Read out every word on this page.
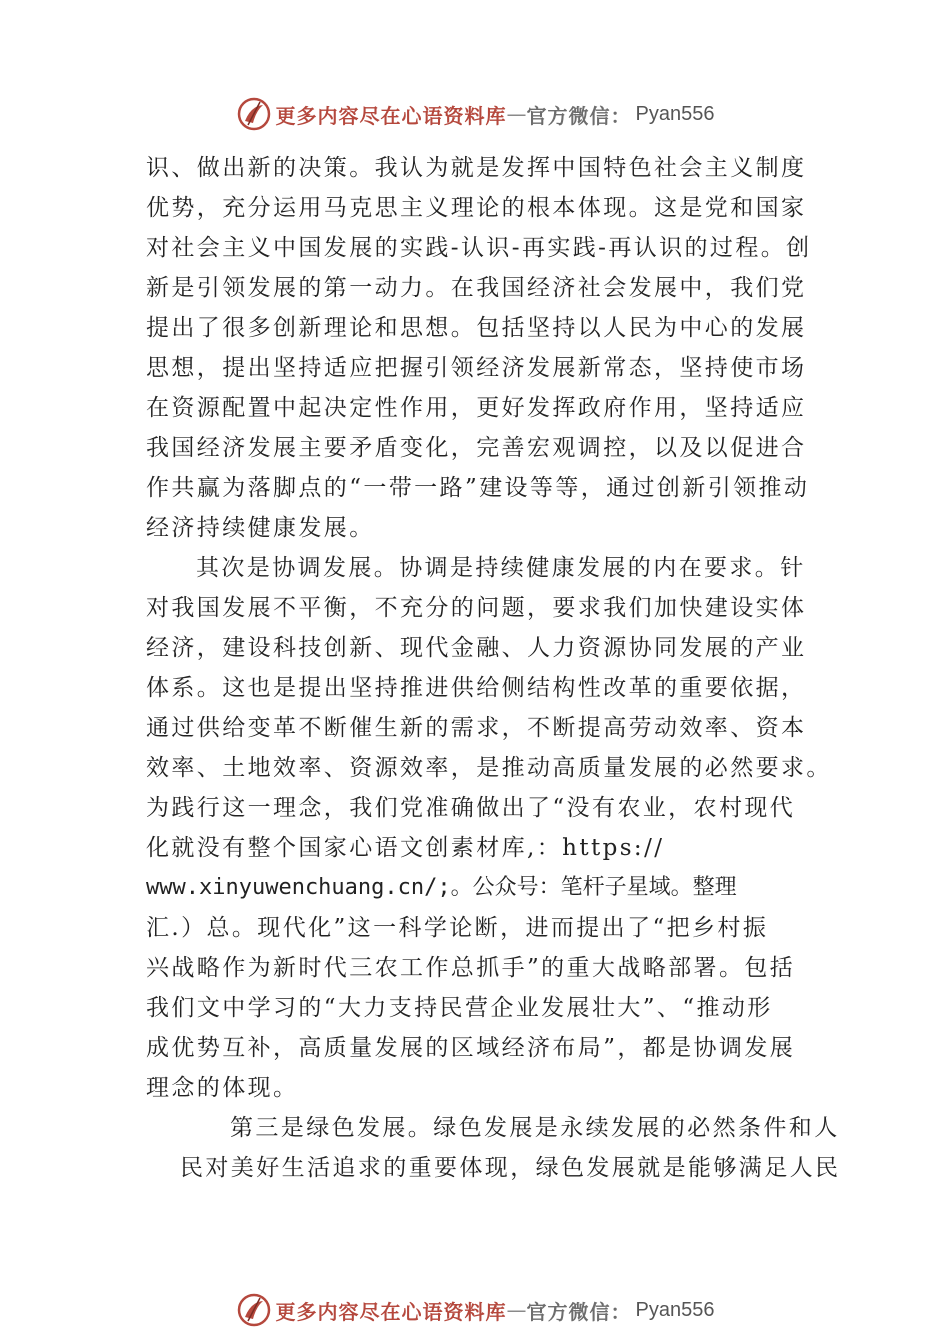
更多内容尽在心语资料库 — 官方微信： Pyan556
识、做出新的决策。我认为就是发挥中国特色社会主义制度
优势，充分运用马克思主义理论的根本体现。这是党和国家
对社会主义中国发展的实践-认识-再实践-再认识的过程。创
新是引领发展的第一动力。在我国经济社会发展中，我们党
提出了很多创新理论和思想。包括坚持以人民为中心的发展
思想，提出坚持适应把握引领经济发展新常态，坚持使市场
在资源配置中起决定性作用，更好发挥政府作用，坚持适应
我国经济发展主要矛盾变化，完善宏观调控，以及以促进合
作共赢为落脚点的“一带一路”建设等等，通过创新引领推动
经济持续健康发展。
其次是协调发展。协调是持续健康发展的内在要求。针
对我国发展不平衡，不充分的问题，要求我们加快建设实体
经济，建设科技创新、现代金融、人力资源协同发展的产业
体系。这也是提出坚持推进供给侧结构性改革的重要依据，
通过供给变革不断催生新的需求，不断提高劳动效率、资本
效率、土地效率、资源效率，是推动高质量发展的必然要求。
为践行这一理念，我们党准确做出了“没有农业，农村现代
化就没有整个国家心语文创素材库,：https://
www.xinyuwenchuang.cn/;。公众号：笔杆子星域。整理
汇.）总。现代化”这一科学论断，进而提出了“把乡村振
兴战略作为新时代三农工作总抓手”的重大战略部署。包括
我们文中学习的“大力支持民营企业发展壮大”、“推动形
成优势互补，高质量发展的区域经济布局”，都是协调发展
理念的体现。
第三是绿色发展。绿色发展是永续发展的必然条件和人
民对美好生活追求的重要体现，绿色发展就是能够满足人民
更多内容尽在心语资料库 — 官方微信： Pyan556
